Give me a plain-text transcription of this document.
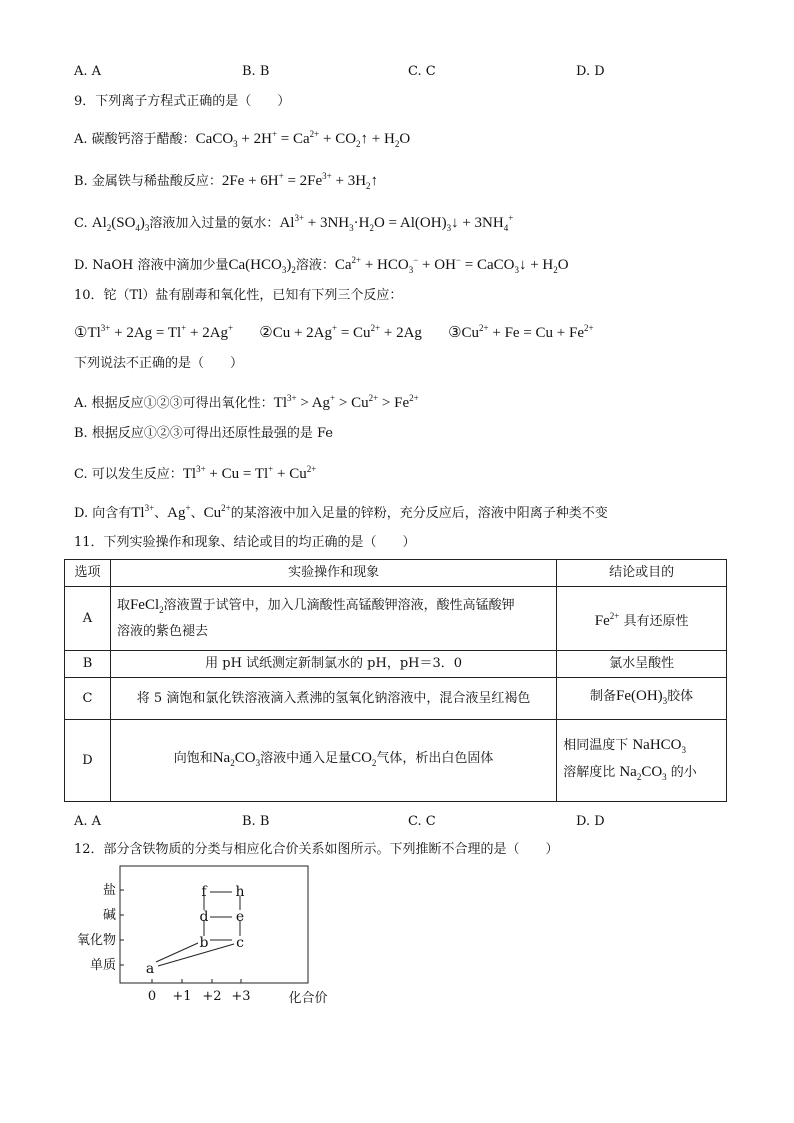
A. A	B. B	C. C	D. D
9．下列离子方程式正确的是（　　）
A. 碳酸钙溶于醋酸：CaCO$_3$ + $2H^+ = Ca^{2+}$ + $CO_2↑ + H_2O$
B. 金属铁与稀盐酸反应：$2Fe + 6H^+ = 2Fe^{3+}$ + $3H_2↑$
C. $Al_2(SO_4)_3$溶液加入过量的氨水：$Al^{3+} + 3NH_3\cdot H_2O$ = $Al(OH)_3↓ + 3NH_4^+$
D. NaOH 溶液中滴加少量$Ca(HCO_3)_2$溶液：$Ca^{2+} + HCO_3^- + OH^-$ = CaCO$_3$↓ + $H_2O$
10．铊（Tl）盐有剧毒和氧化性，已知有下列三个反应：
$①Tl^{3+} + 2Ag = Tl^+ + 2Ag^+$ ②Cu + $2Ag^+ = Cu^{2+} + 2Ag$ $③Cu^{2+} + Fe = Cu + Fe^{2+}$
下列说法不正确的是（　　）
A. 根据反应①②③可得出氧化性：$Tl^{3+} > Ag^+ > Cu^{2+} > Fe^{2+}$
B. 根据反应①②③可得出还原性最强的是 Fe
C. 可以发生反应：$Tl^{3+} + Cu = Tl^+ + Cu^{2+}$
D. 向含有$Tl^{3+}$、Ag+、$Cu^{2+}$的某溶液中加入足量的锌粉，充分反应后，溶液中阳离子种类不变
11．下列实验操作和现象、结论或目的均正确的是（　　）
选项	实验操作和现象	结论或目的
A	取FeCl$_2$溶液置于试管中，加入几滴酸性高锰酸钾溶液，酸性高锰酸钾
溶液的紫色褪去	$Fe^{2+}$ 具有还原性
B	用 pH 试纸测定新制氯水的 pH，pH＝3．0	氯水呈酸性
C	将 5 滴饱和氯化铁溶液滴入煮沸的氢氧化钠溶液中，混合液呈红褐色	制备$Fe(OH)_3$胶体
D	向饱和$Na_2CO_3$溶液中通入足量$CO_2$气体，析出白色固体	相同温度下 NaHCO$_3$
溶解度比 $Na_2CO_3$ 的小
A. A	B. B	C. C	D. D
12．部分含铁物质的分类与相应化合价关系如图所示。下列推断不合理的是（　　）
盐
碱
氧化物
单质 a
b c
d e
f h
0 +1 +2 +3	化合价
